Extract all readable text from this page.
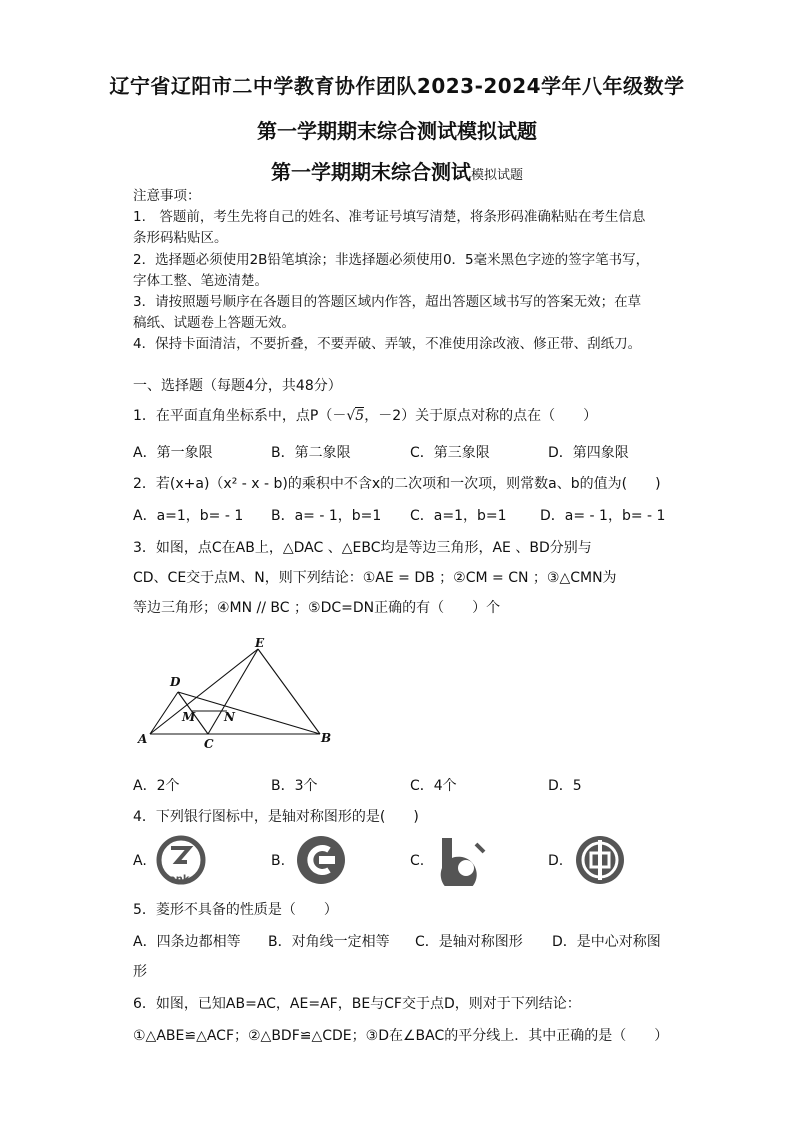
辽宁省辽阳市二中学教育协作团队2023-2024学年八年级数学
第一学期期末综合测试模拟试题
第一学期期末综合测试模拟试题
注意事项：
1.　答题前，考生先将自己的姓名、准考证号填写清楚，将条形码准确粘贴在考生信息
条形码粘贴区。
2．选择题必须使用2B铅笔填涂；非选择题必须使用0．5毫米黑色字迹的签字笔书写，
字体工整、笔迹清楚。
3．请按照题号顺序在各题目的答题区域内作答，超出答题区域书写的答案无效；在草
稿纸、试题卷上答题无效。
4．保持卡面清洁，不要折叠，不要弄破、弄皱，不准使用涂改液、修正带、刮纸刀。
一、选择题（每题4分，共48分）
1．在平面直角坐标系中，点P（－√5，－2）关于原点对称的点在（　　）
A．第一象限	B．第二象限	C．第三象限	D．第四象限
2．若(x+a)（x² - x - b)的乘积中不含x的二次项和一次项，则常数a、b的值为(　　)
A．a=1，b= - 1 B．a= - 1，b=1 C．a=1，b=1 D．a= - 1，b= - 1
3．如图，点C在AB上，△DAC 、△EBC均是等边三角形，AE 、BD分别与
CD、CE交于点M、N，则下列结论：①AE = DB ；②CM = CN ；③△CMN为
等边三角形；④MN // BC ；⑤DC=DN正确的有（　　）个
E
D
M N
A	C	B
A．2个	B．3个	C．4个	D．5
4．下列银行图标中，是轴对称图形的是(　　)
A.
ank
B.	C.	D.
5．菱形不具备的性质是（　　）
A．四条边都相等 B．对角线一定相等 C．是轴对称图形 D．是中心对称图
形
6．如图，已知AB=AC，AE=AF，BE与CF交于点D，则对于下列结论：
①△ABE≌△ACF；②△BDF≌△CDE；③D在∠BAC的平分线上．其中正确的是（　　）
